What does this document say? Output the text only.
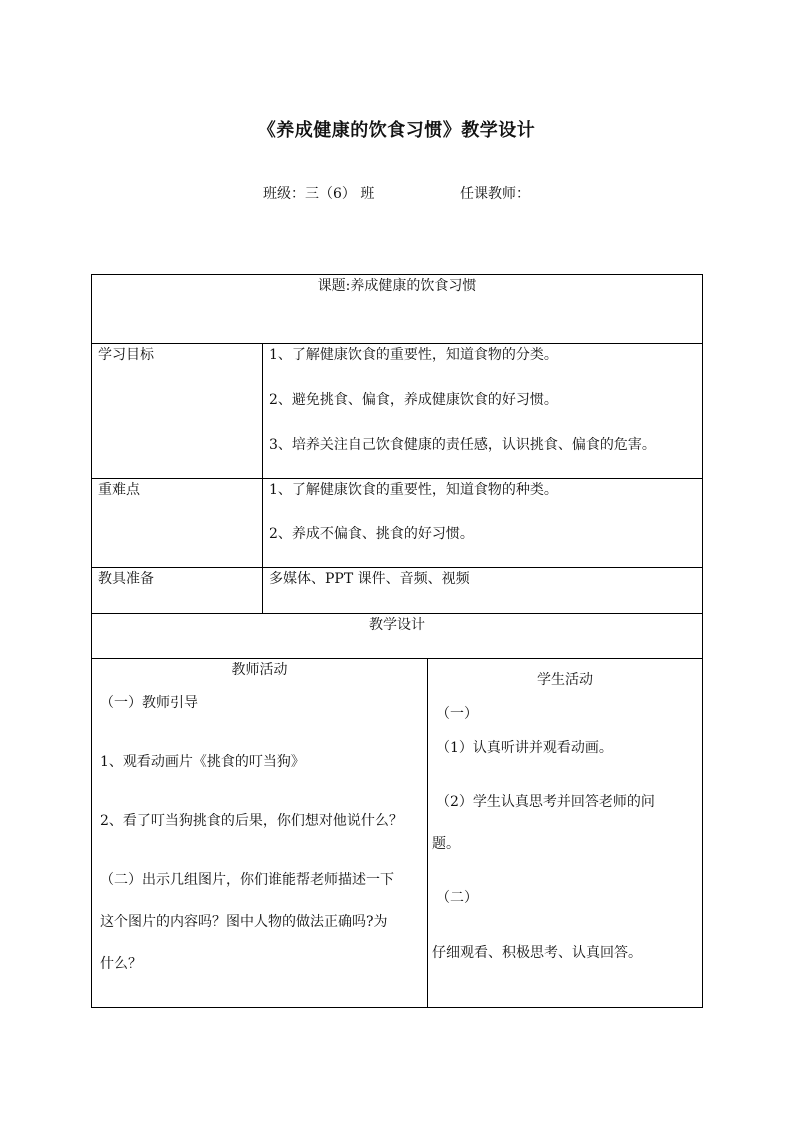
《养成健康的饮食习惯》教学设计
班级：三（6） 班	任课教师：
课题:养成健康的饮食习惯
学习目标	1、了解健康饮食的重要性，知道食物的分类。
2、避免挑食、偏食，养成健康饮食的好习惯。
3、培养关注自己饮食健康的责任感，认识挑食、偏食的危害。
重难点	1、了解健康饮食的重要性，知道食物的种类。
2、养成不偏食、挑食的好习惯。
教具准备	多媒体、PPT 课件、音频、视频
教学设计
教师活动
（一）教师引导
1、观看动画片《挑食的叮当狗》
2、看了叮当狗挑食的后果，你们想对他说什么？
（二）出示几组图片，你们谁能帮老师描述一下
这个图片的内容吗？图中人物的做法正确吗?为
什么？
学生活动
（一）
（1）认真听讲并观看动画。
（2）学生认真思考并回答老师的问
题。
（二）
仔细观看、积极思考、认真回答。
